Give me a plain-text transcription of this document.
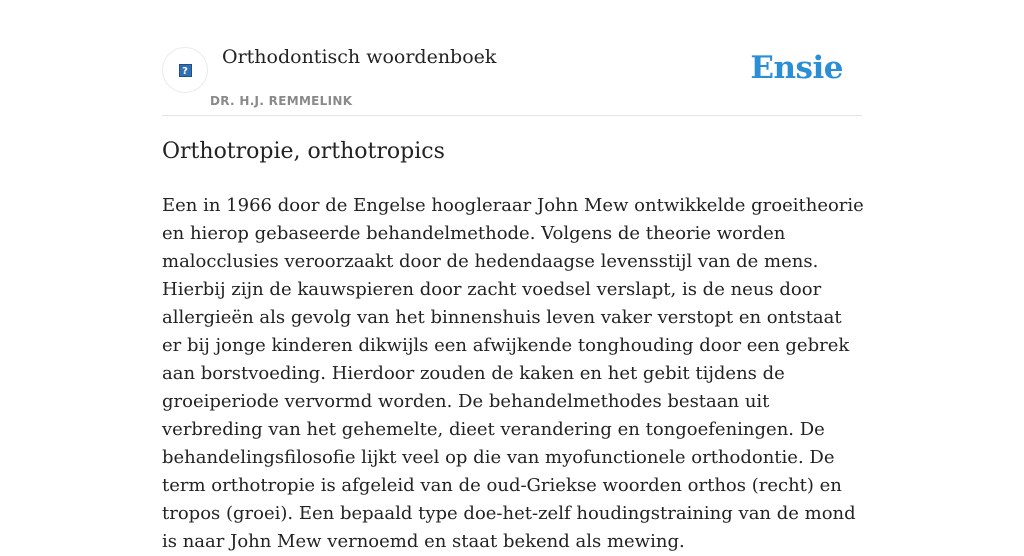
?
Orthodontisch woordenboek
DR. H.J. REMMELINK
Ensie
Orthotropie, orthotropics

Een in 1966 door de Engelse hoogleraar John Mew ontwikkelde groeitheorie en hierop gebaseerde behandelmethode. Volgens de theorie worden malocclusies veroorzaakt door de hedendaagse levensstijl van de mens. Hierbij zijn de kauwspieren door zacht voedsel verslapt, is de neus door allergieën als gevolg van het binnenshuis leven vaker verstopt en ontstaat er bij jonge kinderen dikwijls een afwijkende tonghouding door een gebrek aan borstvoeding. Hierdoor zouden de kaken en het gebit tijdens de groeiperiode vervormd worden. De behandelmethodes bestaan uit verbreding van het gehemelte, dieet verandering en tongoefeningen. De behandelingsfilosofie lijkt veel op die van myofunctionele orthodontie. De term orthotropie is afgeleid van de oud-Griekse woorden orthos (recht) en tropos (groei). Een bepaald type doe-het-zelf houdingstraining van de mond is naar John Mew vernoemd en staat bekend als mewing.
